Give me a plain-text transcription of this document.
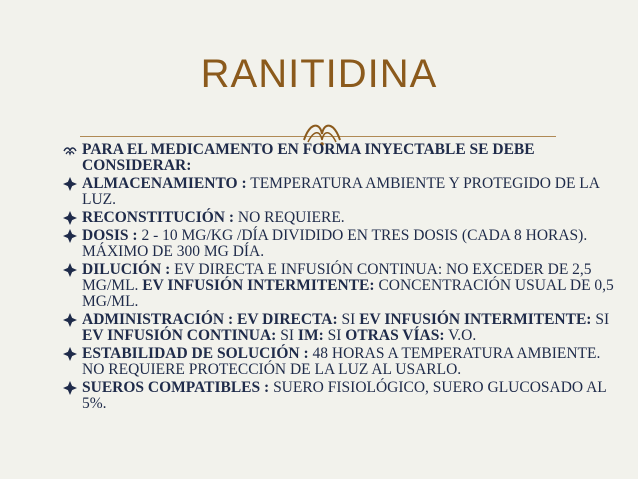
RANITIDINA
PARA EL MEDICAMENTO EN FORMA INYECTABLE SE DEBE CONSIDERAR:
ALMACENAMIENTO : TEMPERATURA AMBIENTE Y PROTEGIDO DE LA LUZ.
RECONSTITUCIÓN : NO REQUIERE.
DOSIS : 2 - 10 MG/KG /DÍA DIVIDIDO EN TRES DOSIS (CADA 8 HORAS). MÁXIMO DE 300 MG DÍA.
DILUCIÓN : EV DIRECTA E INFUSIÓN CONTINUA: NO EXCEDER DE 2,5 MG/ML. EV INFUSIÓN INTERMITENTE: CONCENTRACIÓN USUAL DE 0,5 MG/ML.
ADMINISTRACIÓN : EV DIRECTA: SI EV INFUSIÓN INTERMITENTE: SI EV INFUSIÓN CONTINUA: SI IM: SI OTRAS VÍAS: V.O.
ESTABILIDAD DE SOLUCIÓN : 48 HORAS A TEMPERATURA AMBIENTE. NO REQUIERE PROTECCIÓN DE LA LUZ AL USARLO.
SUEROS COMPATIBLES : SUERO FISIOLÓGICO, SUERO GLUCOSADO AL 5%.
